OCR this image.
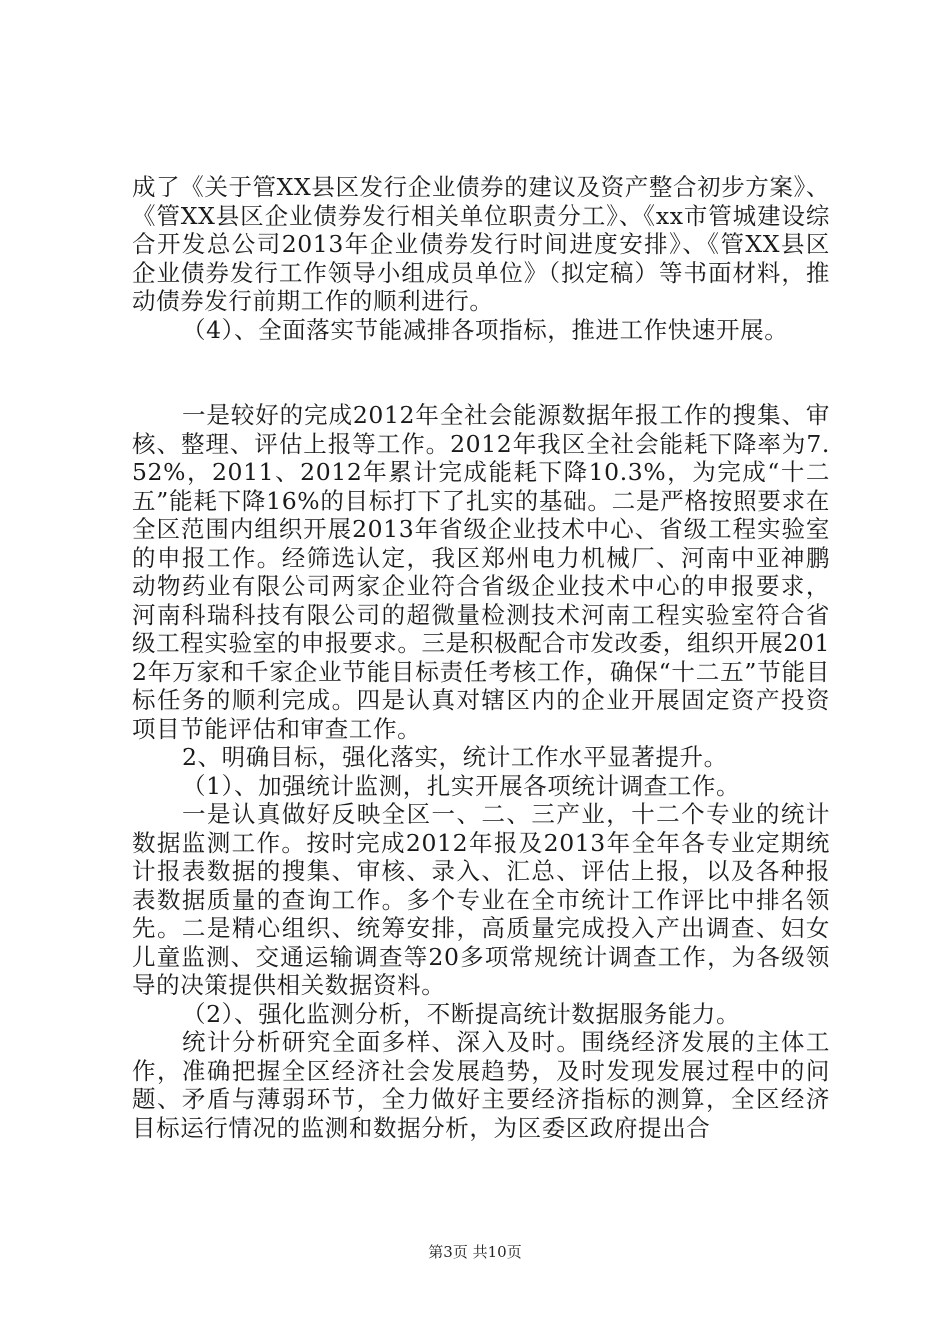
成了《关于管XX县区发行企业债券的建议及资产整合初步方案》、《管XX县区企业债券发行相关单位职责分工》、《xx市管城建设综合开发总公司2013年企业债券发行时间进度安排》、《管XX县区企业债券发行工作领导小组成员单位》（拟定稿）等书面材料，推动债券发行前期工作的顺利进行。

（4）、全面落实节能减排各项指标，推进工作快速开展。

一是较好的完成2012年全社会能源数据年报工作的搜集、审核、整理、评估上报等工作。2012年我区全社会能耗下降率为7.52%，2011、2012年累计完成能耗下降10.3%，为完成“十二五”能耗下降16%的目标打下了扎实的基础。二是严格按照要求在全区范围内组织开展2013年省级企业技术中心、省级工程实验室的申报工作。经筛选认定，我区郑州电力机械厂、河南中亚神鹏动物药业有限公司两家企业符合省级企业技术中心的申报要求，河南科瑞科技有限公司的超微量检测技术河南工程实验室符合省级工程实验室的申报要求。三是积极配合市发改委，组织开展2012年万家和千家企业节能目标责任考核工作，确保“十二五”节能目标任务的顺利完成。四是认真对辖区内的企业开展固定资产投资项目节能评估和审查工作。

2、明确目标，强化落实，统计工作水平显著提升。

（1）、加强统计监测，扎实开展各项统计调查工作。

一是认真做好反映全区一、二、三产业，十二个专业的统计数据监测工作。按时完成2012年报及2013年全年各专业定期统计报表数据的搜集、审核、录入、汇总、评估上报，以及各种报表数据质量的查询工作。多个专业在全市统计工作评比中排名领先。二是精心组织、统筹安排，高质量完成投入产出调查、妇女儿童监测、交通运输调查等20多项常规统计调查工作，为各级领导的决策提供相关数据资料。

（2）、强化监测分析，不断提高统计数据服务能力。

统计分析研究全面多样、深入及时。围绕经济发展的主体工作，准确把握全区经济社会发展趋势，及时发现发展过程中的问题、矛盾与薄弱环节，全力做好主要经济指标的测算，全区经济目标运行情况的监测和数据分析，为区委区政府提出合

第3页 共10页
